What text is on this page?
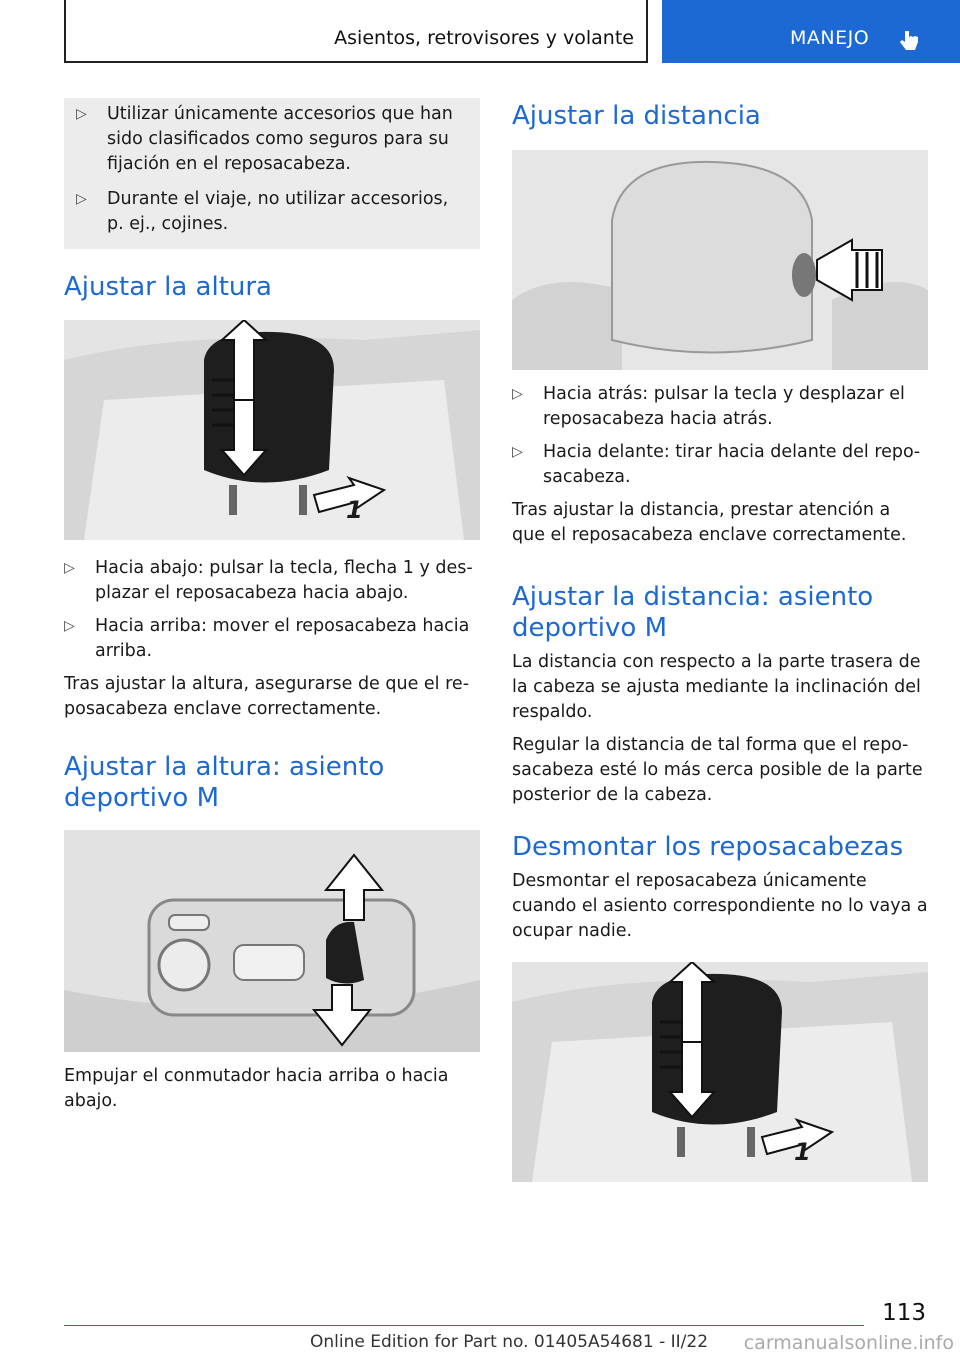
Asientos, retrovisores y volante	MANEJO
▷ Utilizar únicamente accesorios que han sido clasificados como seguros para su fijación en el reposacabeza.
▷ Durante el viaje, no utilizar accesorios, p. ej., cojines.
Ajustar la altura
1
▷ Hacia abajo: pulsar la tecla, flecha 1 y desplazar el reposacabeza hacia abajo.
▷ Hacia arriba: mover el reposacabeza hacia arriba.

Tras ajustar la altura, asegurarse de que el reposacabeza enclave correctamente.

Ajustar la altura: asiento deportivo M
Empujar el conmutador hacia arriba o hacia abajo.
Ajustar la distancia
▷ Hacia atrás: pulsar la tecla y desplazar el reposacabeza hacia atrás.
▷ Hacia delante: tirar hacia delante del reposacabeza.

Tras ajustar la distancia, prestar atención a que el reposacabeza enclave correctamente.

Ajustar la distancia: asiento deportivo M

La distancia con respecto a la parte trasera de la cabeza se ajusta mediante la inclinación del respaldo.

Regular la distancia de tal forma que el reposacabeza esté lo más cerca posible de la parte posterior de la cabeza.

Desmontar los reposacabezas
Desmontar el reposacabeza únicamente cuando el asiento correspondiente no lo vaya a ocupar nadie.
1
113
Online Edition for Part no. 01405A54681 - II/22 carmanualsonline.info
